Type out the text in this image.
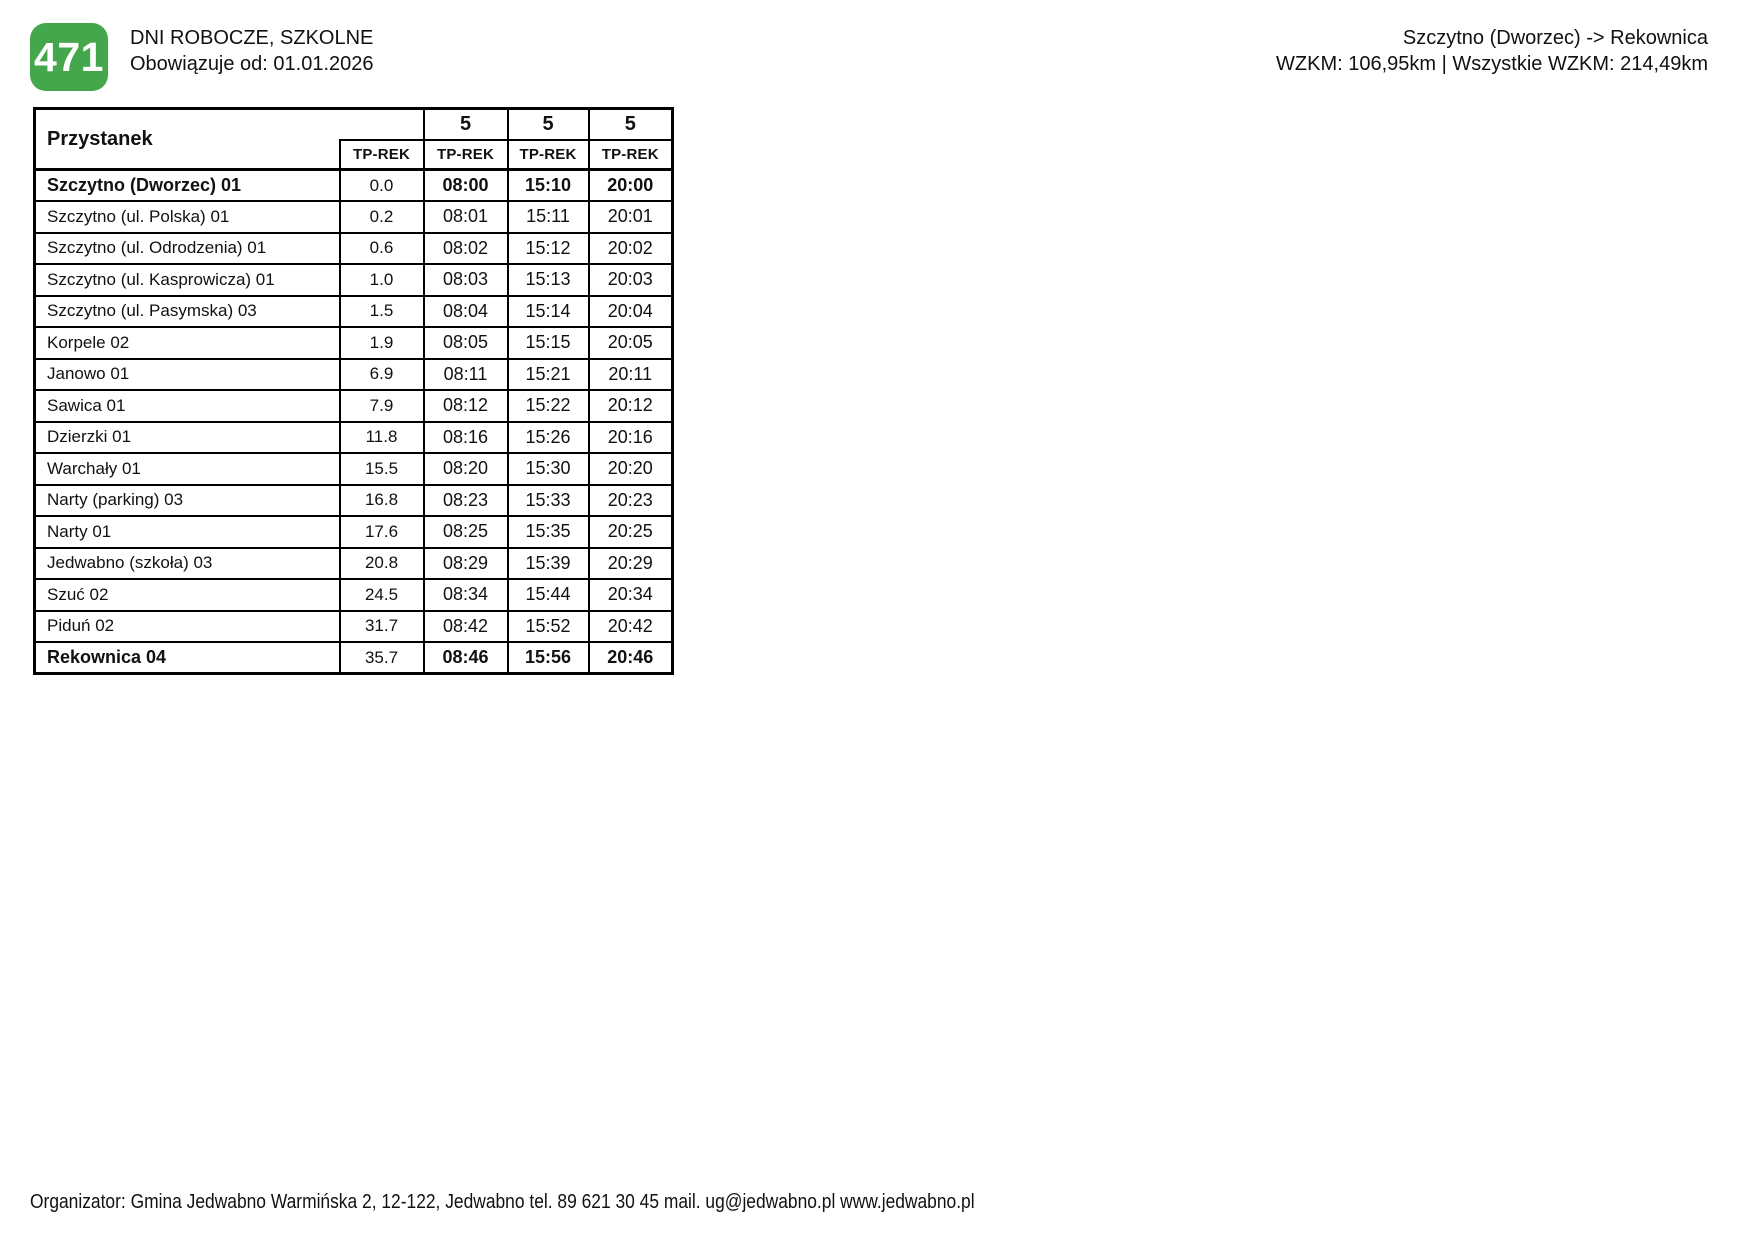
471 DNI ROBOCZE, SZKOLNE
Obowiązuje od: 01.01.2026
Szczytno (Dworzec) -> Rekownica
WZKM: 106,95km | Wszystkie WZKM: 214,49km
Przystanek		5	5	5
	TP-REK	TP-REK	TP-REK	TP-REK
Szczytno (Dworzec) 01	0.0	08:00	15:10	20:00
Szczytno (ul. Polska) 01	0.2	08:01	15:11	20:01
Szczytno (ul. Odrodzenia) 01	0.6	08:02	15:12	20:02
Szczytno (ul. Kasprowicza) 01	1.0	08:03	15:13	20:03
Szczytno (ul. Pasymska) 03	1.5	08:04	15:14	20:04
Korpele 02	1.9	08:05	15:15	20:05
Janowo 01	6.9	08:11	15:21	20:11
Sawica 01	7.9	08:12	15:22	20:12
Dzierzki 01	11.8	08:16	15:26	20:16
Warchały 01	15.5	08:20	15:30	20:20
Narty (parking) 03	16.8	08:23	15:33	20:23
Narty 01	17.6	08:25	15:35	20:25
Jedwabno (szkoła) 03	20.8	08:29	15:39	20:29
Szuć 02	24.5	08:34	15:44	20:34
Piduń 02	31.7	08:42	15:52	20:42
Rekownica 04	35.7	08:46	15:56	20:46
Organizator: Gmina Jedwabno Warmińska 2, 12-122, Jedwabno tel. 89 621 30 45 mail. ug@jedwabno.pl www.jedwabno.pl
